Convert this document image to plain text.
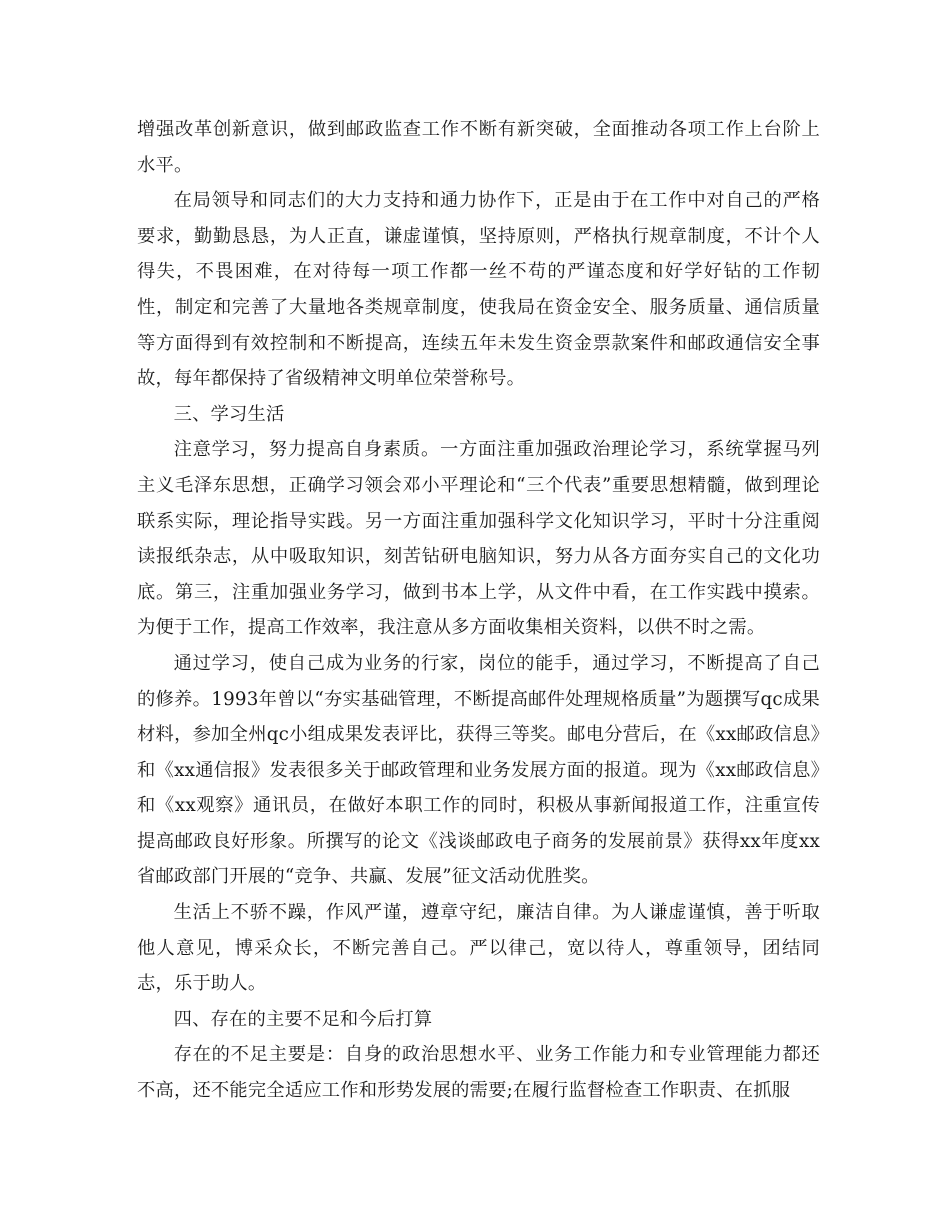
增强改革创新意识，做到邮政监查工作不断有新突破，全面推动各项工作上台阶上水平。

在局领导和同志们的大力支持和通力协作下，正是由于在工作中对自己的严格要求，勤勤恳恳，为人正直，谦虚谨慎，坚持原则，严格执行规章制度，不计个人得失，不畏困难，在对待每一项工作都一丝不苟的严谨态度和好学好钻的工作韧性，制定和完善了大量地各类规章制度，使我局在资金安全、服务质量、通信质量等方面得到有效控制和不断提高，连续五年未发生资金票款案件和邮政通信安全事故，每年都保持了省级精神文明单位荣誉称号。

三、学习生活

注意学习，努力提高自身素质。一方面注重加强政治理论学习，系统掌握马列主义毛泽东思想，正确学习领会邓小平理论和“三个代表”重要思想精髓，做到理论联系实际，理论指导实践。另一方面注重加强科学文化知识学习，平时十分注重阅读报纸杂志，从中吸取知识，刻苦钻研电脑知识，努力从各方面夯实自己的文化功底。第三，注重加强业务学习，做到书本上学，从文件中看，在工作实践中摸索。为便于工作，提高工作效率，我注意从多方面收集相关资料，以供不时之需。

通过学习，使自己成为业务的行家，岗位的能手，通过学习，不断提高了自己的修养。1993年曾以“夯实基础管理，不断提高邮件处理规格质量”为题撰写qc成果材料，参加全州qc小组成果发表评比，获得三等奖。邮电分营后，在《xx邮政信息》和《xx通信报》发表很多关于邮政管理和业务发展方面的报道。现为《xx邮政信息》和《xx观察》通讯员，在做好本职工作的同时，积极从事新闻报道工作，注重宣传提高邮政良好形象。所撰写的论文《浅谈邮政电子商务的发展前景》获得xx年度xx省邮政部门开展的“竞争、共赢、发展”征文活动优胜奖。

生活上不骄不躁，作风严谨，遵章守纪，廉洁自律。为人谦虚谨慎，善于听取他人意见，博采众长，不断完善自己。严以律己，宽以待人，尊重领导，团结同志，乐于助人。

四、存在的主要不足和今后打算

存在的不足主要是：自身的政治思想水平、业务工作能力和专业管理能力都还不高，还不能完全适应工作和形势发展的需要;在履行监督检查工作职责、在抓服
